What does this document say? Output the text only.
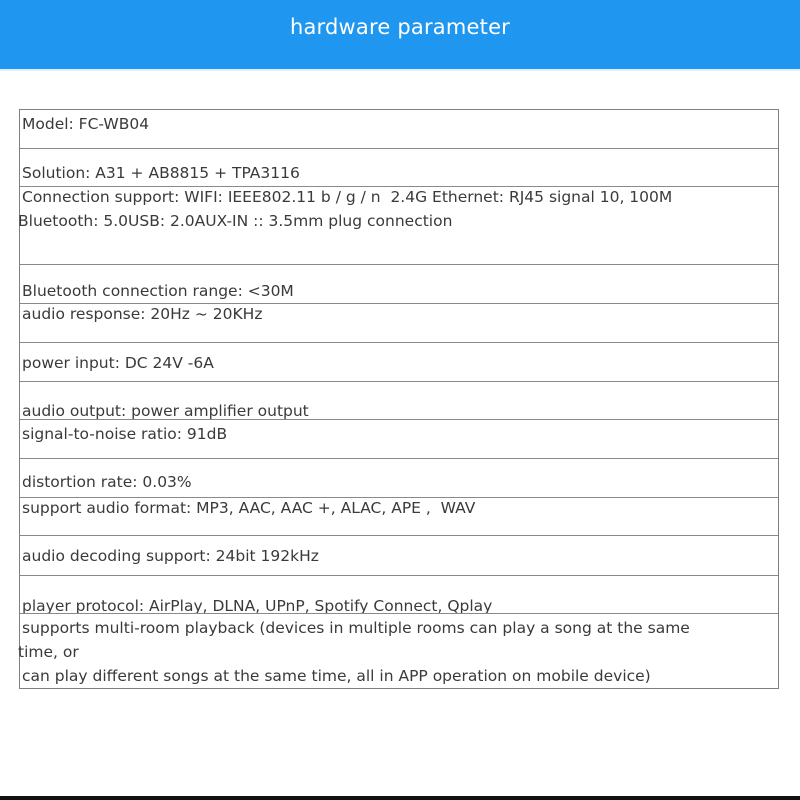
hardware parameter
Model: FC-WB04
Solution: A31 + AB8815 + TPA3116
Connection support: WIFI: IEEE802.11 b / g / n  2.4G Ethernet: RJ45 signal 10, 100M
Bluetooth: 5.0USB: 2.0AUX-IN :: 3.5mm plug connection
Bluetooth connection range: <30M
audio response: 20Hz ~ 20KHz
power input: DC 24V -6A
audio output: power amplifier output
signal-to-noise ratio: 91dB
distortion rate: 0.03%
support audio format: MP3, AAC, AAC +, ALAC, APE ,  WAV
audio decoding support: 24bit 192kHz
player protocol: AirPlay, DLNA, UPnP, Spotify Connect, Qplay
supports multi-room playback (devices in multiple rooms can play a song at the same
time, or
can play different songs at the same time, all in APP operation on mobile device)
